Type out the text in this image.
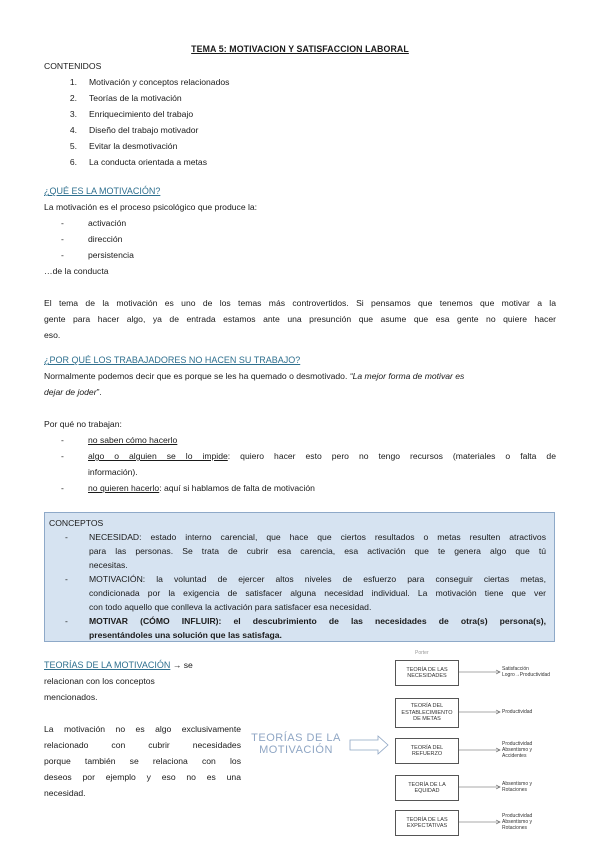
TEMA 5: MOTIVACION Y SATISFACCION LABORAL
CONTENIDOS
1. Motivación y conceptos relacionados
2. Teorías de la motivación
3. Enriquecimiento del trabajo
4. Diseño del trabajo motivador
5. Evitar la desmotivación
6. La conducta orientada a metas
¿QUÉ ES LA MOTIVACIÓN?
La motivación es el proceso psicológico que produce la:
-	activación
-	dirección
-	persistencia
…de la conducta
El tema de la motivación es uno de los temas más controvertidos. Si pensamos que tenemos que motivar a la
gente para hacer algo, ya de entrada estamos ante una presunción que asume que esa gente no quiere hacer
eso.
¿POR QUÉ LOS TRABAJADORES NO HACEN SU TRABAJO?
Normalmente podemos decir que es porque se les ha quemado o desmotivado. “La mejor forma de motivar es
dejar de joder”.
Por qué no trabajan:
-	no saben cómo hacerlo
-	algo o alguien se lo impide: quiero hacer esto pero no tengo recursos (materiales o falta de
información).
-	no quieren hacerlo: aquí si hablamos de falta de motivación
CONCEPTOS
-	NECESIDAD: estado interno carencial, que hace que ciertos resultados o metas resulten atractivos
para las personas. Se trata de cubrir esa carencia, esa activación que te genera algo que tú
necesitas.
-	MOTIVACIÓN: la voluntad de ejercer altos niveles de esfuerzo para conseguir ciertas metas,
condicionada por la exigencia de satisfacer alguna necesidad individual. La motivación tiene que ver
con todo aquello que conlleva la activación para satisfacer esa necesidad.
-	MOTIVAR (CÓMO INFLUIR): el descubrimiento de las necesidades de otra(s) persona(s),
presentándoles una solución que las satisfaga.
TEORÍAS DE LA MOTIVACIÓN → se
relacionan con los conceptos
mencionados.
La motivación no es algo exclusivamente
relacionado con cubrir necesidades
porque también se relaciona con los
deseos por ejemplo y eso no es una
necesidad.
Porter
TEORÍAS DE LA
MOTIVACIÓN
TEORÍA DE LAS
NECESIDADES
Satisfacción
Logro→Productividad
TEORÍA DEL
ESTABLECIMIENTO
DE METAS
Productividad
TEORÍA DEL
REFUERZO
Productividad
Absentismo y
Accidentes
TEORÍA DE LA
EQUIDAD
Absentismo y
Rotaciones
TEORÍA DE LAS
EXPECTATIVAS
Productividad
Absentismo y
Rotaciones
